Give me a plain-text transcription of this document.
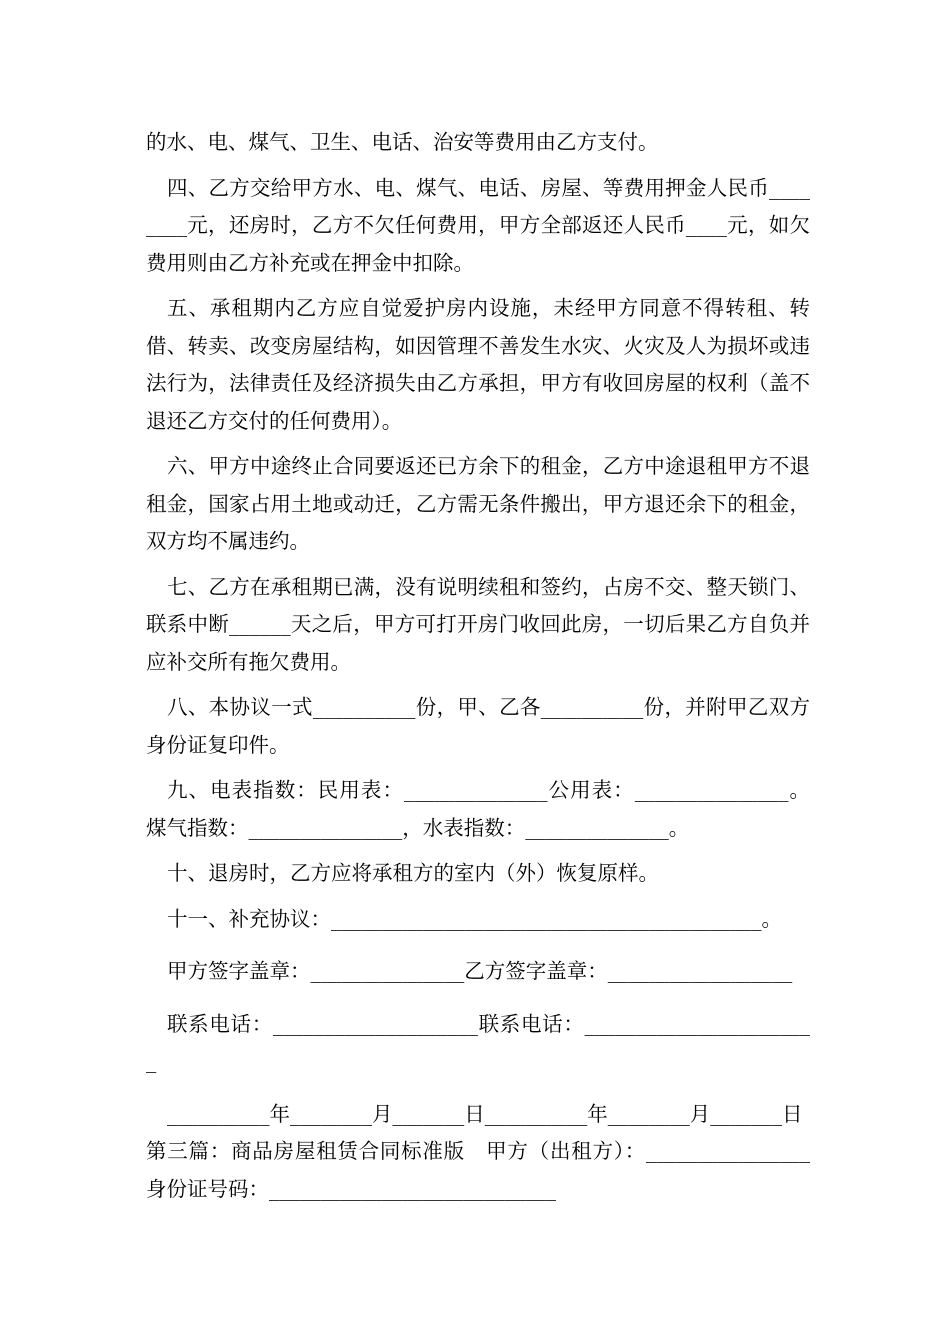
的水、电、煤气、卫生、电话、治安等费用由乙方支付。

四、乙方交给甲方水、电、煤气、电话、房屋、等费用押金人民币________元，还房时，乙方不欠任何费用，甲方全部返还人民币____元，如欠费用则由乙方补充或在押金中扣除。

五、承租期内乙方应自觉爱护房内设施，未经甲方同意不得转租、转借、转卖、改变房屋结构，如因管理不善发生水灾、火灾及人为损坏或违法行为，法律责任及经济损失由乙方承担，甲方有收回房屋的权利（盖不退还乙方交付的任何费用）。

六、甲方中途终止合同要返还已方余下的租金，乙方中途退租甲方不退租金，国家占用土地或动迁，乙方需无条件搬出，甲方退还余下的租金，双方均不属违约。

七、乙方在承租期已满，没有说明续租和签约，占房不交、整天锁门、联系中断______天之后，甲方可打开房门收回此房，一切后果乙方自负并应补交所有拖欠费用。

八、本协议一式__________份，甲、乙各__________份，并附甲乙双方身份证复印件。

九、电表指数：民用表：______________公用表：_______________。煤气指数：_______________，水表指数：______________。

十、退房时，乙方应将承租方的室内（外）恢复原样。

十一、补充协议：__________________________________________。

甲方签字盖章：_______________乙方签字盖章：__________________

联系电话：____________________联系电话：_______________________

__________年________月_______日__________年________月_______日

第三篇：商品房屋租赁合同标准版　甲方（出租方）：________________身份证号码：____________________________
